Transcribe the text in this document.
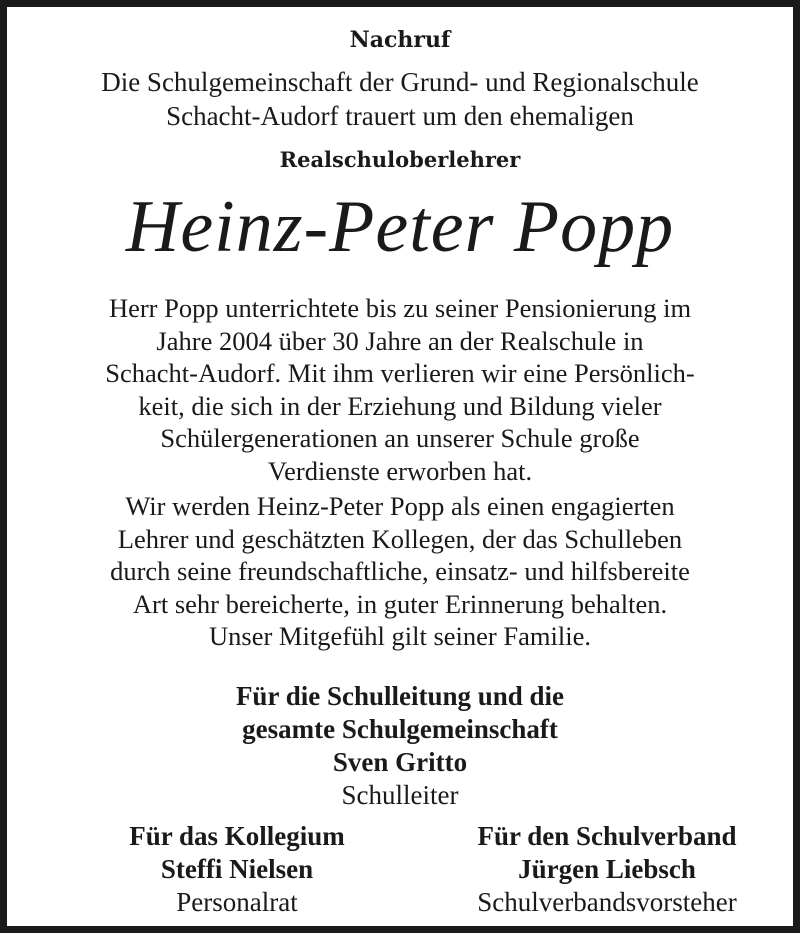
Nachruf
Die Schulgemeinschaft der Grund- und Regionalschule
Schacht-Audorf trauert um den ehemaligen
Realschuloberlehrer
Heinz-Peter Popp
Herr Popp unterrichtete bis zu seiner Pensionierung im
Jahre 2004 über 30 Jahre an der Realschule in
Schacht-Audorf. Mit ihm verlieren wir eine Persönlich-
keit, die sich in der Erziehung und Bildung vieler
Schülergenerationen an unserer Schule große
Verdienste erworben hat.
Wir werden Heinz-Peter Popp als einen engagierten
Lehrer und geschätzten Kollegen, der das Schulleben
durch seine freundschaftliche, einsatz- und hilfsbereite
Art sehr bereicherte, in guter Erinnerung behalten.
Unser Mitgefühl gilt seiner Familie.
Für die Schulleitung und die
gesamte Schulgemeinschaft
Sven Gritto
Schulleiter
Für das Kollegium
Steffi Nielsen
Personalrat
Für den Schulverband
Jürgen Liebsch
Schulverbandsvorsteher
